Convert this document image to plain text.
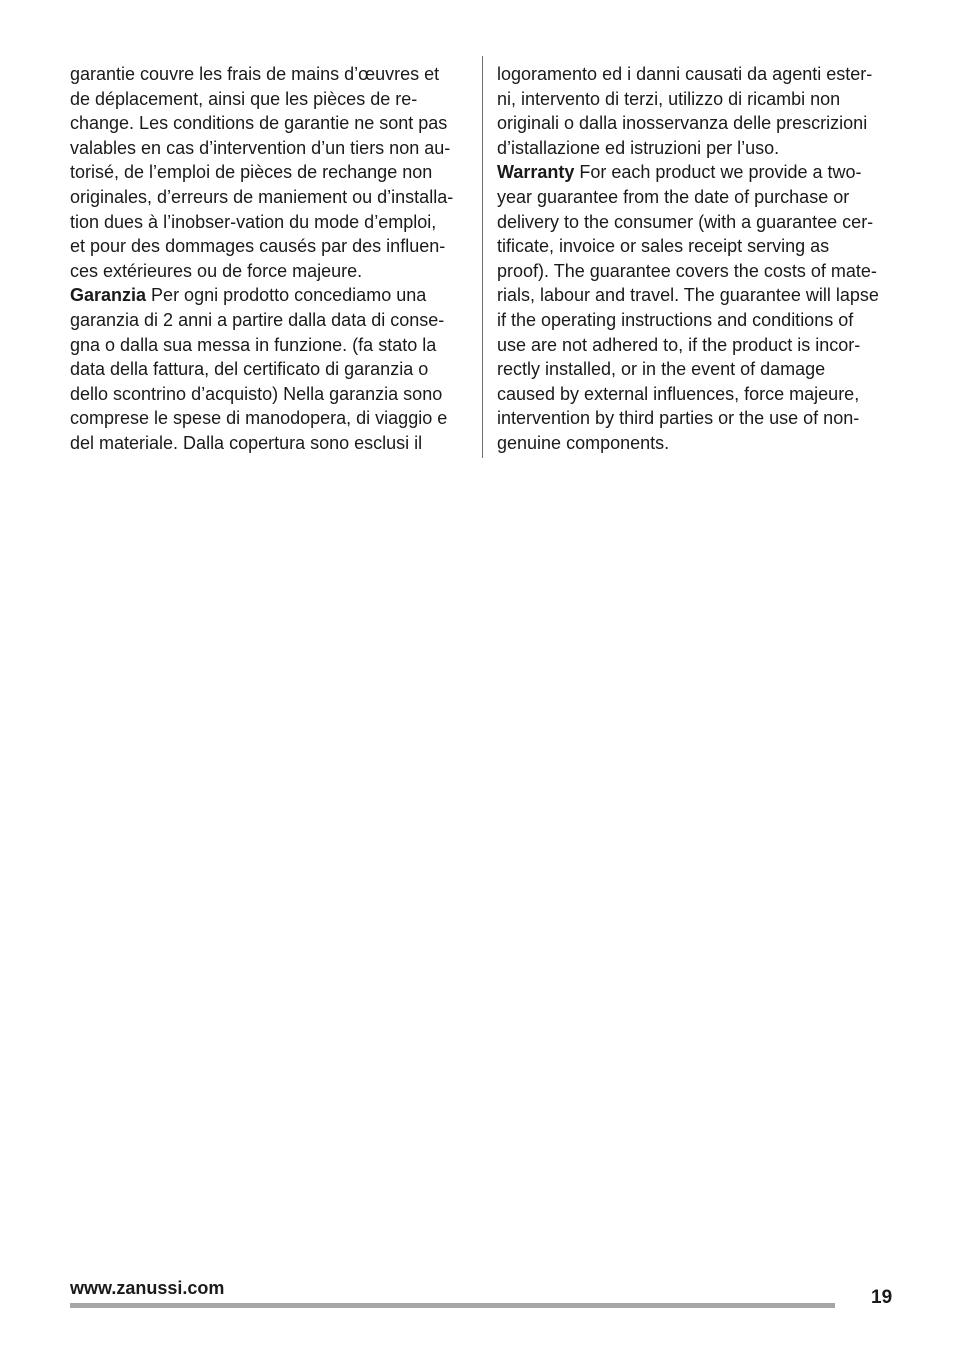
garantie couvre les frais de mains d’œuvres et
de déplacement, ainsi que les pièces de re-
change. Les conditions de garantie ne sont pas
valables en cas d’intervention d’un tiers non au-
torisé, de l’emploi de pièces de rechange non
originales, d’erreurs de maniement ou d’installa-
tion dues à l’inobser-vation du mode d’emploi,
et pour des dommages causés par des influen-
ces extérieures ou de force majeure.
Garanzia Per ogni prodotto concediamo una
garanzia di 2 anni a partire dalla data di conse-
gna o dalla sua messa in funzione. (fa stato la
data della fattura, del certificato di garanzia o
dello scontrino d’acquisto) Nella garanzia sono
comprese le spese di manodopera, di viaggio e
del materiale. Dalla copertura sono esclusi il
logoramento ed i danni causati da agenti ester-
ni, intervento di terzi, utilizzo di ricambi non
originali o dalla inosservanza delle prescrizioni
d’istallazione ed istruzioni per l’uso.
Warranty For each product we provide a two-
year guarantee from the date of purchase or
delivery to the consumer (with a guarantee cer-
tificate, invoice or sales receipt serving as
proof). The guarantee covers the costs of mate-
rials, labour and travel. The guarantee will lapse
if the operating instructions and conditions of
use are not adhered to, if the product is incor-
rectly installed, or in the event of damage
caused by external influences, force majeure,
intervention by third parties or the use of non-
genuine components.
www.zanussi.com	19
